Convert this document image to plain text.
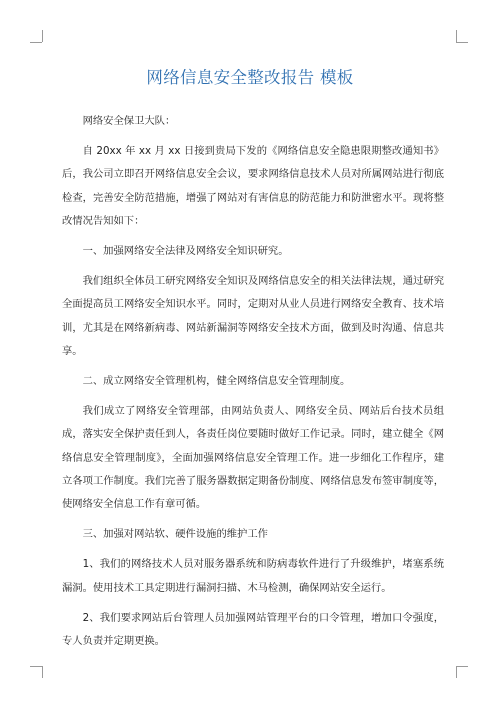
网络信息安全整改报告 模板

网络安全保卫大队：

自 20xx 年 xx 月 xx 日接到贵局下发的《网络信息安全隐患限期整改通知书》后，我公司立即召开网络信息安全会议，要求网络信息技术人员对所属网站进行彻底检查，完善安全防范措施，增强了网站对有害信息的防范能力和防泄密水平。现将整改情况告知如下：

一、加强网络安全法律及网络安全知识研究。

我们组织全体员工研究网络安全知识及网络信息安全的相关法律法规，通过研究全面提高员工网络安全知识水平。同时，定期对从业人员进行网络安全教育、技术培训，尤其是在网络新病毒、网站新漏洞等网络安全技术方面，做到及时沟通、信息共享。

二、成立网络安全管理机构，健全网络信息安全管理制度。

我们成立了网络安全管理部，由网站负责人、网络安全员、网站后台技术员组成，落实安全保护责任到人，各责任岗位要随时做好工作记录。同时，建立健全《网络信息安全管理制度》，全面加强网络信息安全管理工作。进一步细化工作程序，建立各项工作制度。我们完善了服务器数据定期备份制度、网络信息发布签审制度等，使网络安全信息工作有章可循。

三、加强对网站软、硬件设施的维护工作

1、我们的网络技术人员对服务器系统和防病毒软件进行了升级维护，堵塞系统漏洞。使用技术工具定期进行漏洞扫描、木马检测，确保网站安全运行。

2、我们要求网站后台管理人员加强网站管理平台的口令管理，增加口令强度，专人负责并定期更换。
